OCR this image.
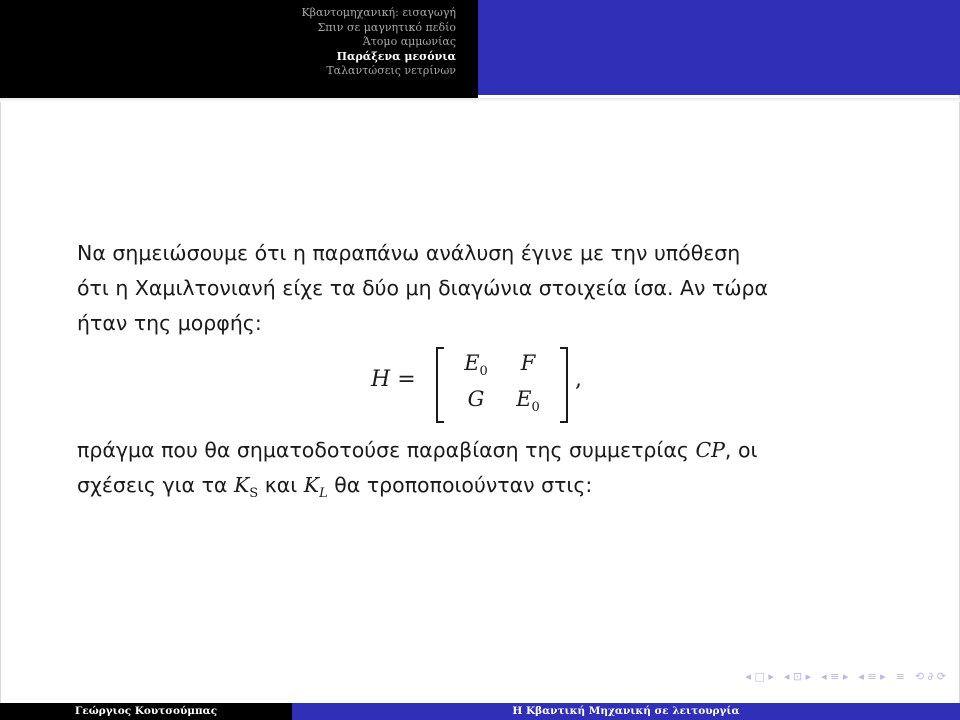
Κβαντομηχανική: εισαγωγή
Σπιν σε μαγνητικό πεδίο
Άτομο αμμωνίας
Παράξενα μεσόνια
Ταλαντώσεις νετρίνων

Να σημειώσουμε ότι η παραπάνω ανάλυση έγινε με την υπόθεση

ότι η Χαμιλτονιανή είχε τα δύο μη διαγώνια στοιχεία ίσα. Αν τώρα

ήταν της μορφής:

H =
$E_0$	F
G	$E_0$
,

πράγμα που θα σηματοδοτούσε παραβίαση της συμμετρίας CP, οι

σχέσεις για τα $K_S$ και $K_L$ θα τροποποιούνταν στις:

◂ □ ▸ ◂ ⊡ ▸ ◂ ≡ ▸ ◂ ≡ ▸ ≡ ⟲ ∂ ⟳
Γεώργιος Κουτσούμπας	Η Κβαντική Μηχανική σε λειτουργία
